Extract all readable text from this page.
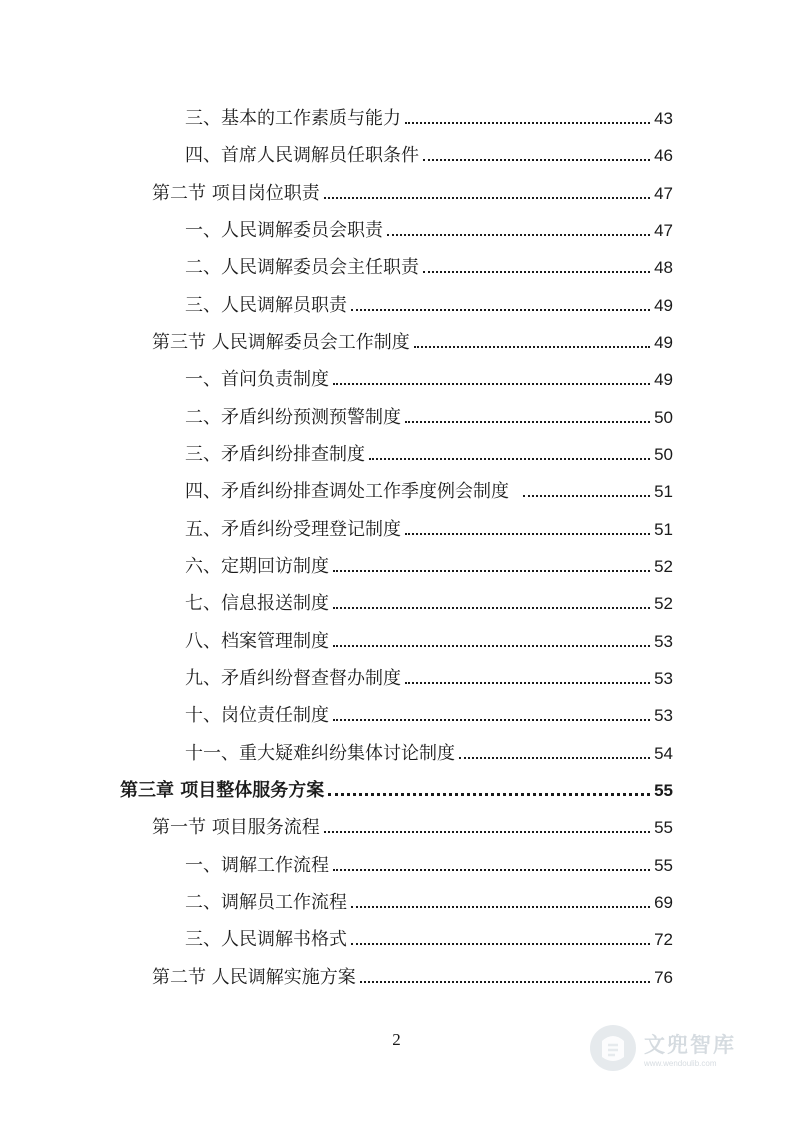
三、基本的工作素质与能力	43
四、首席人民调解员任职条件	46
第二节 项目岗位职责	47
一、人民调解委员会职责	47
二、人民调解委员会主任职责	48
三、人民调解员职责	49
第三节 人民调解委员会工作制度	49
一、首问负责制度	49
二、矛盾纠纷预测预警制度	50
三、矛盾纠纷排查制度	50
四、矛盾纠纷排查调处工作季度例会制度	51
五、矛盾纠纷受理登记制度	51
六、定期回访制度	52
七、信息报送制度	52
八、档案管理制度	53
九、矛盾纠纷督查督办制度	53
十、岗位责任制度	53
十一、重大疑难纠纷集体讨论制度	54
第三章 项目整体服务方案	55
第一节 项目服务流程	55
一、调解工作流程	55
二、调解员工作流程	69
三、人民调解书格式	72
第二节 人民调解实施方案	76
2	文兜智库
www.wendoulib.com
